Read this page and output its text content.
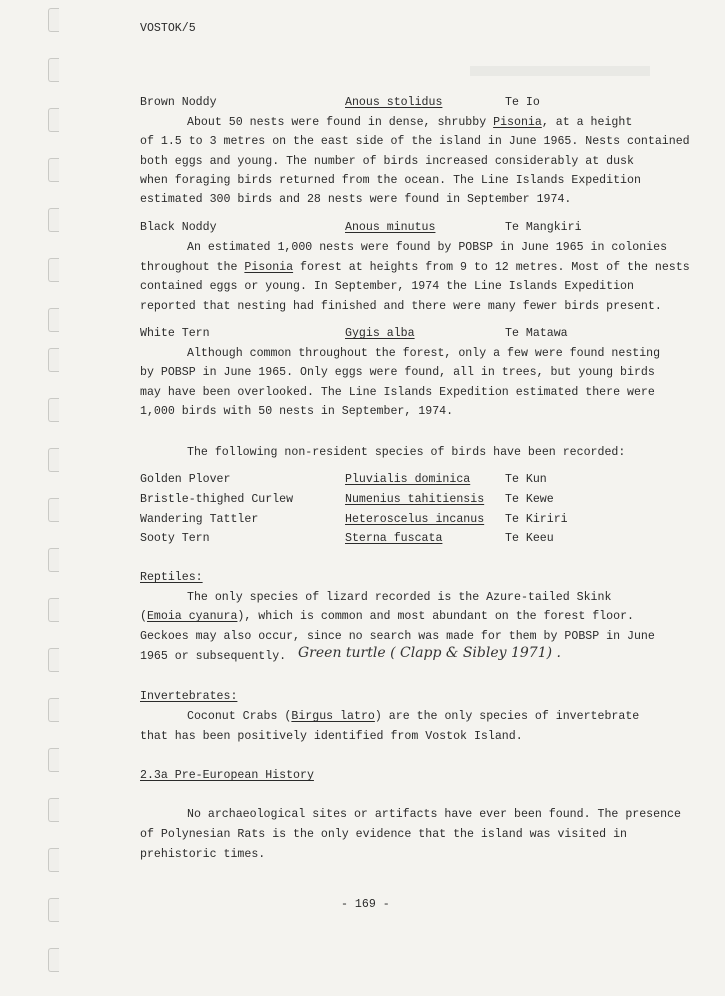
VOSTOK/5
Brown Noddy	Anous stolidus	Te Io
About 50 nests were found in dense, shrubby Pisonia, at a height
of 1.5 to 3 metres on the east side of the island in June 1965. Nests contained
both eggs and young. The number of birds increased considerably at dusk
when foraging birds returned from the ocean. The Line Islands Expedition
estimated 300 birds and 28 nests were found in September 1974.
Black Noddy	Anous minutus	Te Mangkiri
An estimated 1,000 nests were found by POBSP in June 1965 in colonies
throughout the Pisonia forest at heights from 9 to 12 metres. Most of the nests
contained eggs or young. In September, 1974 the Line Islands Expedition
reported that nesting had finished and there were many fewer birds present.
White Tern	Gygis alba	Te Matawa
Although common throughout the forest, only a few were found nesting
by POBSP in June 1965. Only eggs were found, all in trees, but young birds
may have been overlooked. The Line Islands Expedition estimated there were
1,000 birds with 50 nests in September, 1974.
The following non-resident species of birds have been recorded:
Golden Plover	Pluvialis dominica	Te Kun
Bristle-thighed Curlew	Numenius tahitiensis Te Kewe
Wandering Tattler	Heteroscelus incanus Te Kiriri
Sooty Tern	Sterna fuscata	Te Keeu
Reptiles:
The only species of lizard recorded is the Azure-tailed Skink
(Emoia cyanura), which is common and most abundant on the forest floor.
Geckoes may also occur, since no search was made for them by POBSP in June
1965 or subsequently. Green turtle ( Clapp & Sibley 1971) .
Invertebrates:
Coconut Crabs (Birgus latro) are the only species of invertebrate
that has been positively identified from Vostok Island.
2.3a Pre-European History
No archaeological sites or artifacts have ever been found. The presence
of Polynesian Rats is the only evidence that the island was visited in
prehistoric times.
- 169 -
